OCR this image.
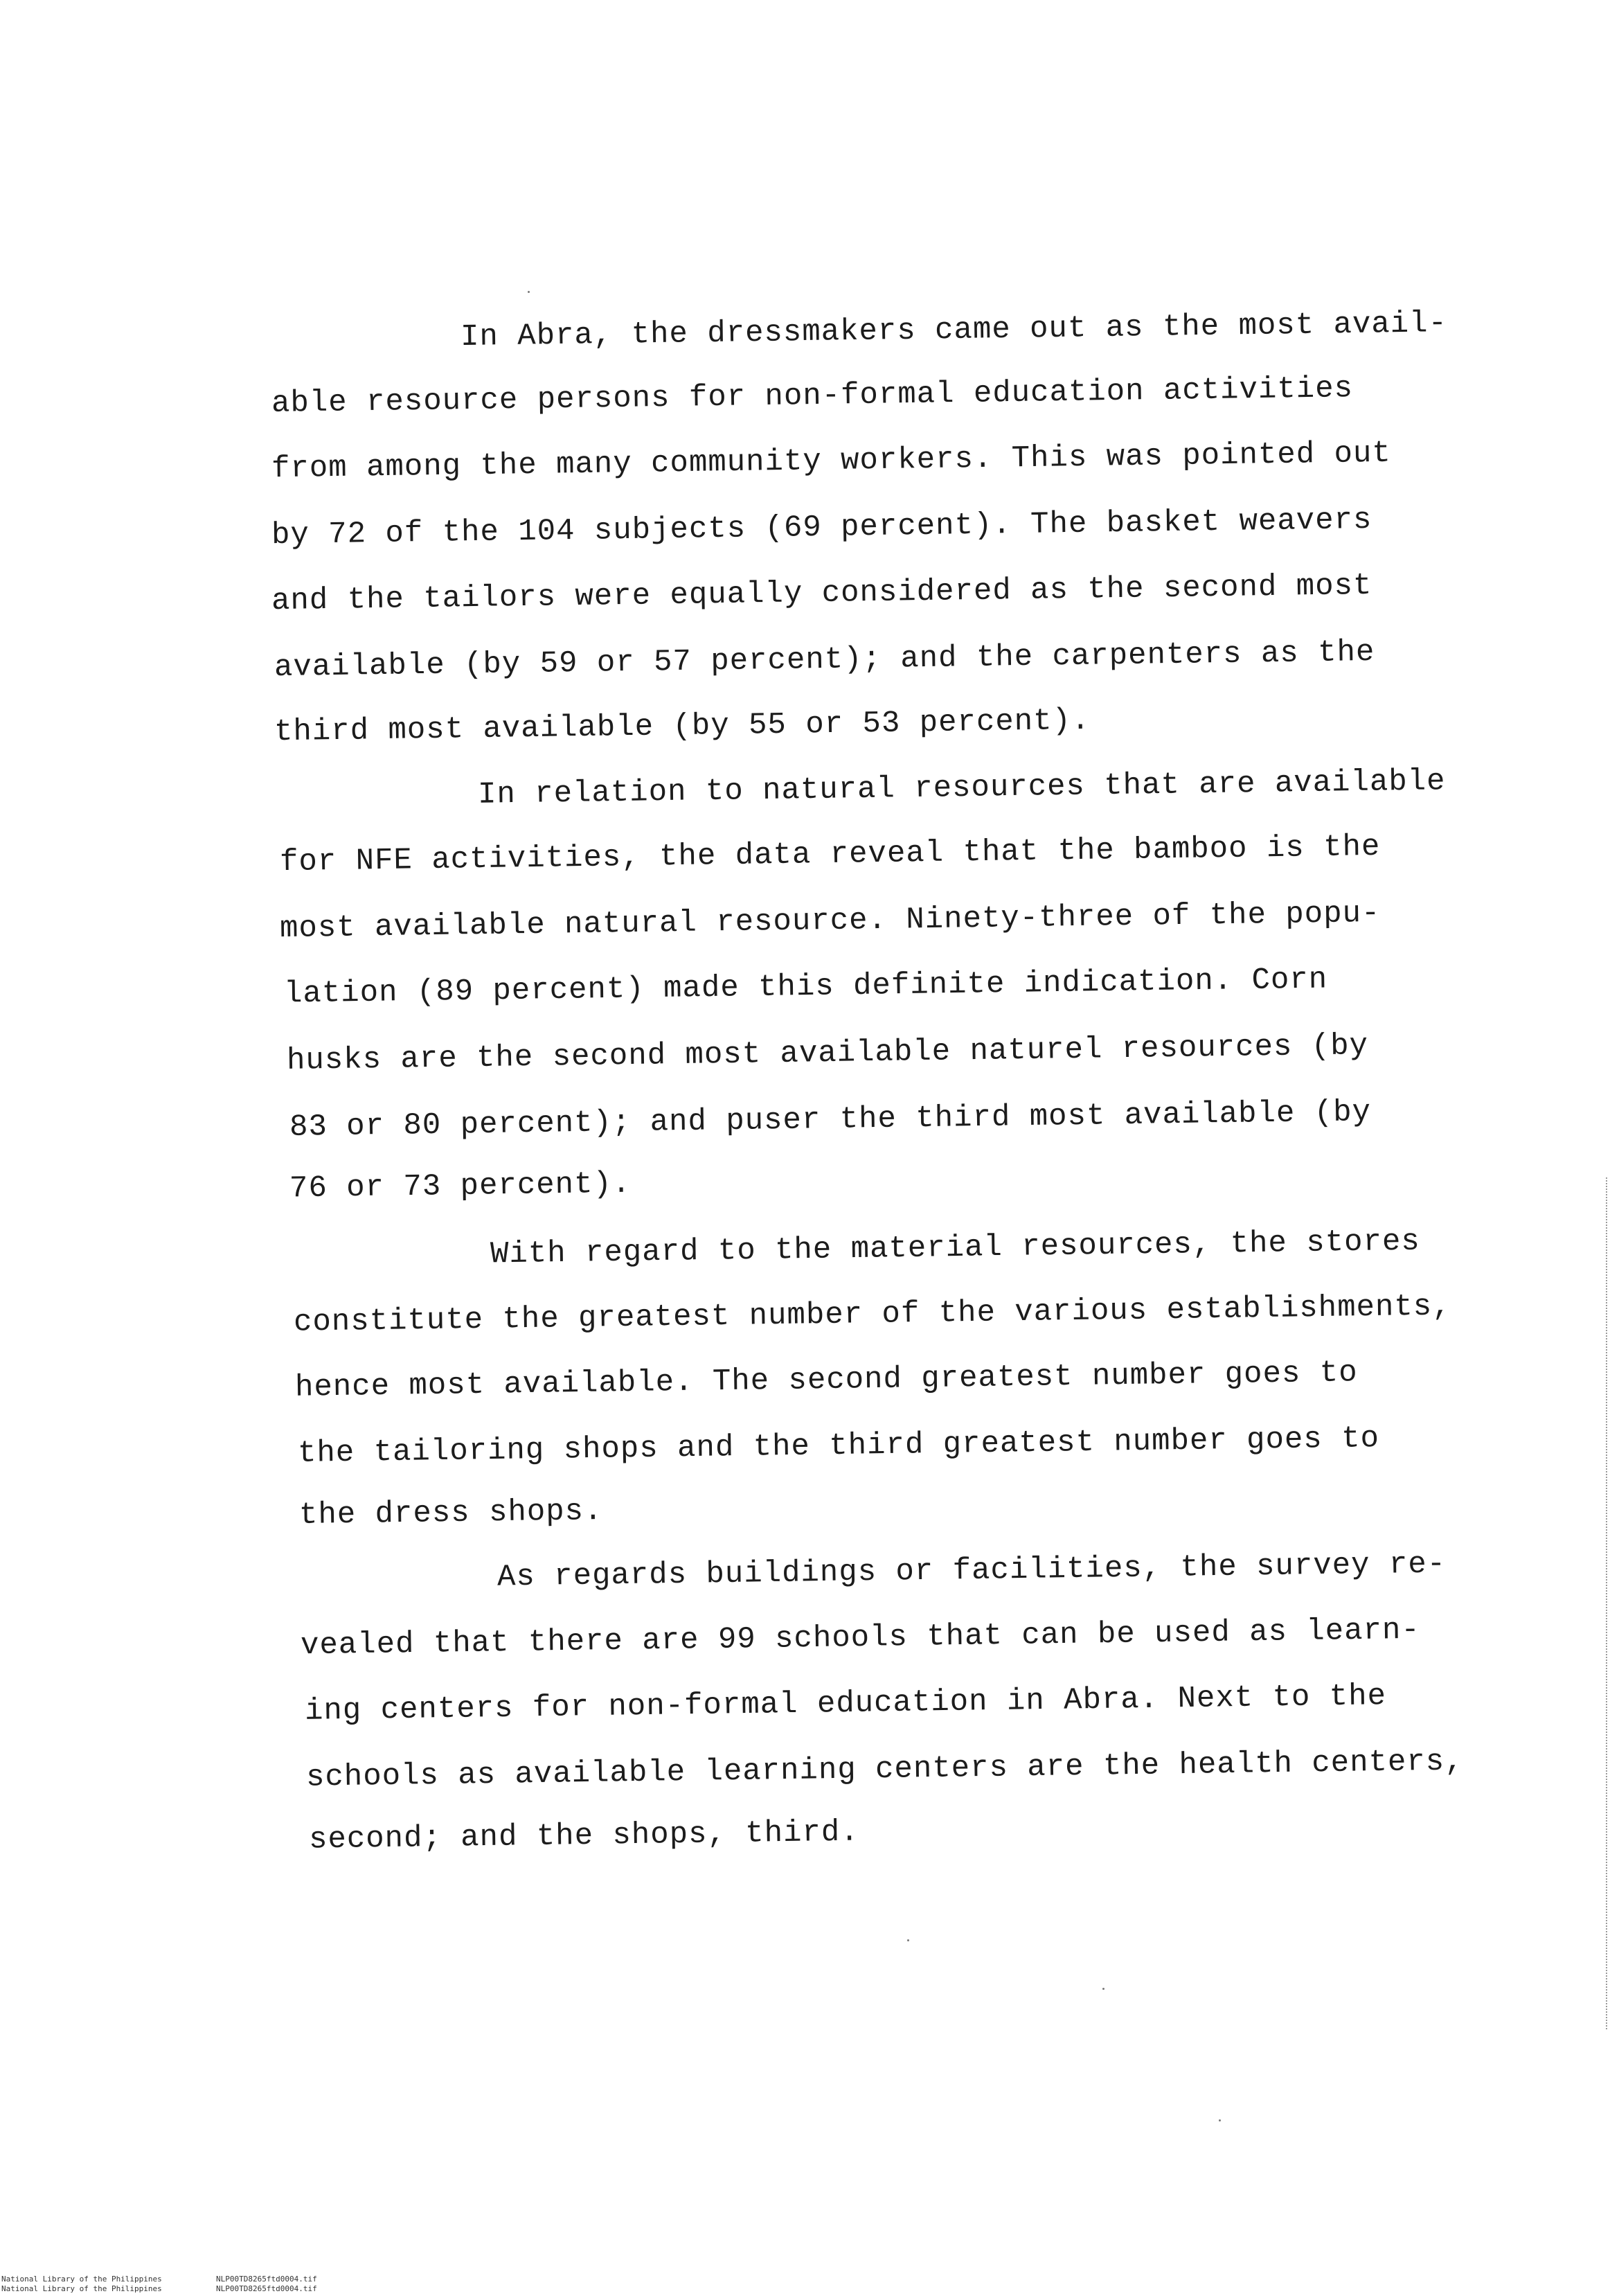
In Abra, the dressmakers came out as the most avail-
able resource persons for non-formal education activities
from among the many community workers. This was pointed out
by 72 of the 104 subjects (69 percent). The basket weavers
and the tailors were equally considered as the second most
available (by 59 or 57 percent); and the carpenters as the
third most available (by 55 or 53 percent).
In relation to natural resources that are available
for NFE activities, the data reveal that the bamboo is the
most available natural resource. Ninety-three of the popu-
lation (89 percent) made this definite indication. Corn
husks are the second most available naturel resources (by
83 or 80 percent); and puser the third most available (by
76 or 73 percent).
With regard to the material resources, the stores
constitute the greatest number of the various establishments,
hence most available. The second greatest number goes to
the tailoring shops and the third greatest number goes to
the dress shops.
As regards buildings or facilities, the survey re-
vealed that there are 99 schools that can be used as learn-
ing centers for non-formal education in Abra. Next to the
schools as available learning centers are the health centers,
second; and the shops, third.
National Library of the Philippines
National Library of the Philippines
NLP00TD8265ftd0004.tif
NLP00TD8265ftd0004.tif
